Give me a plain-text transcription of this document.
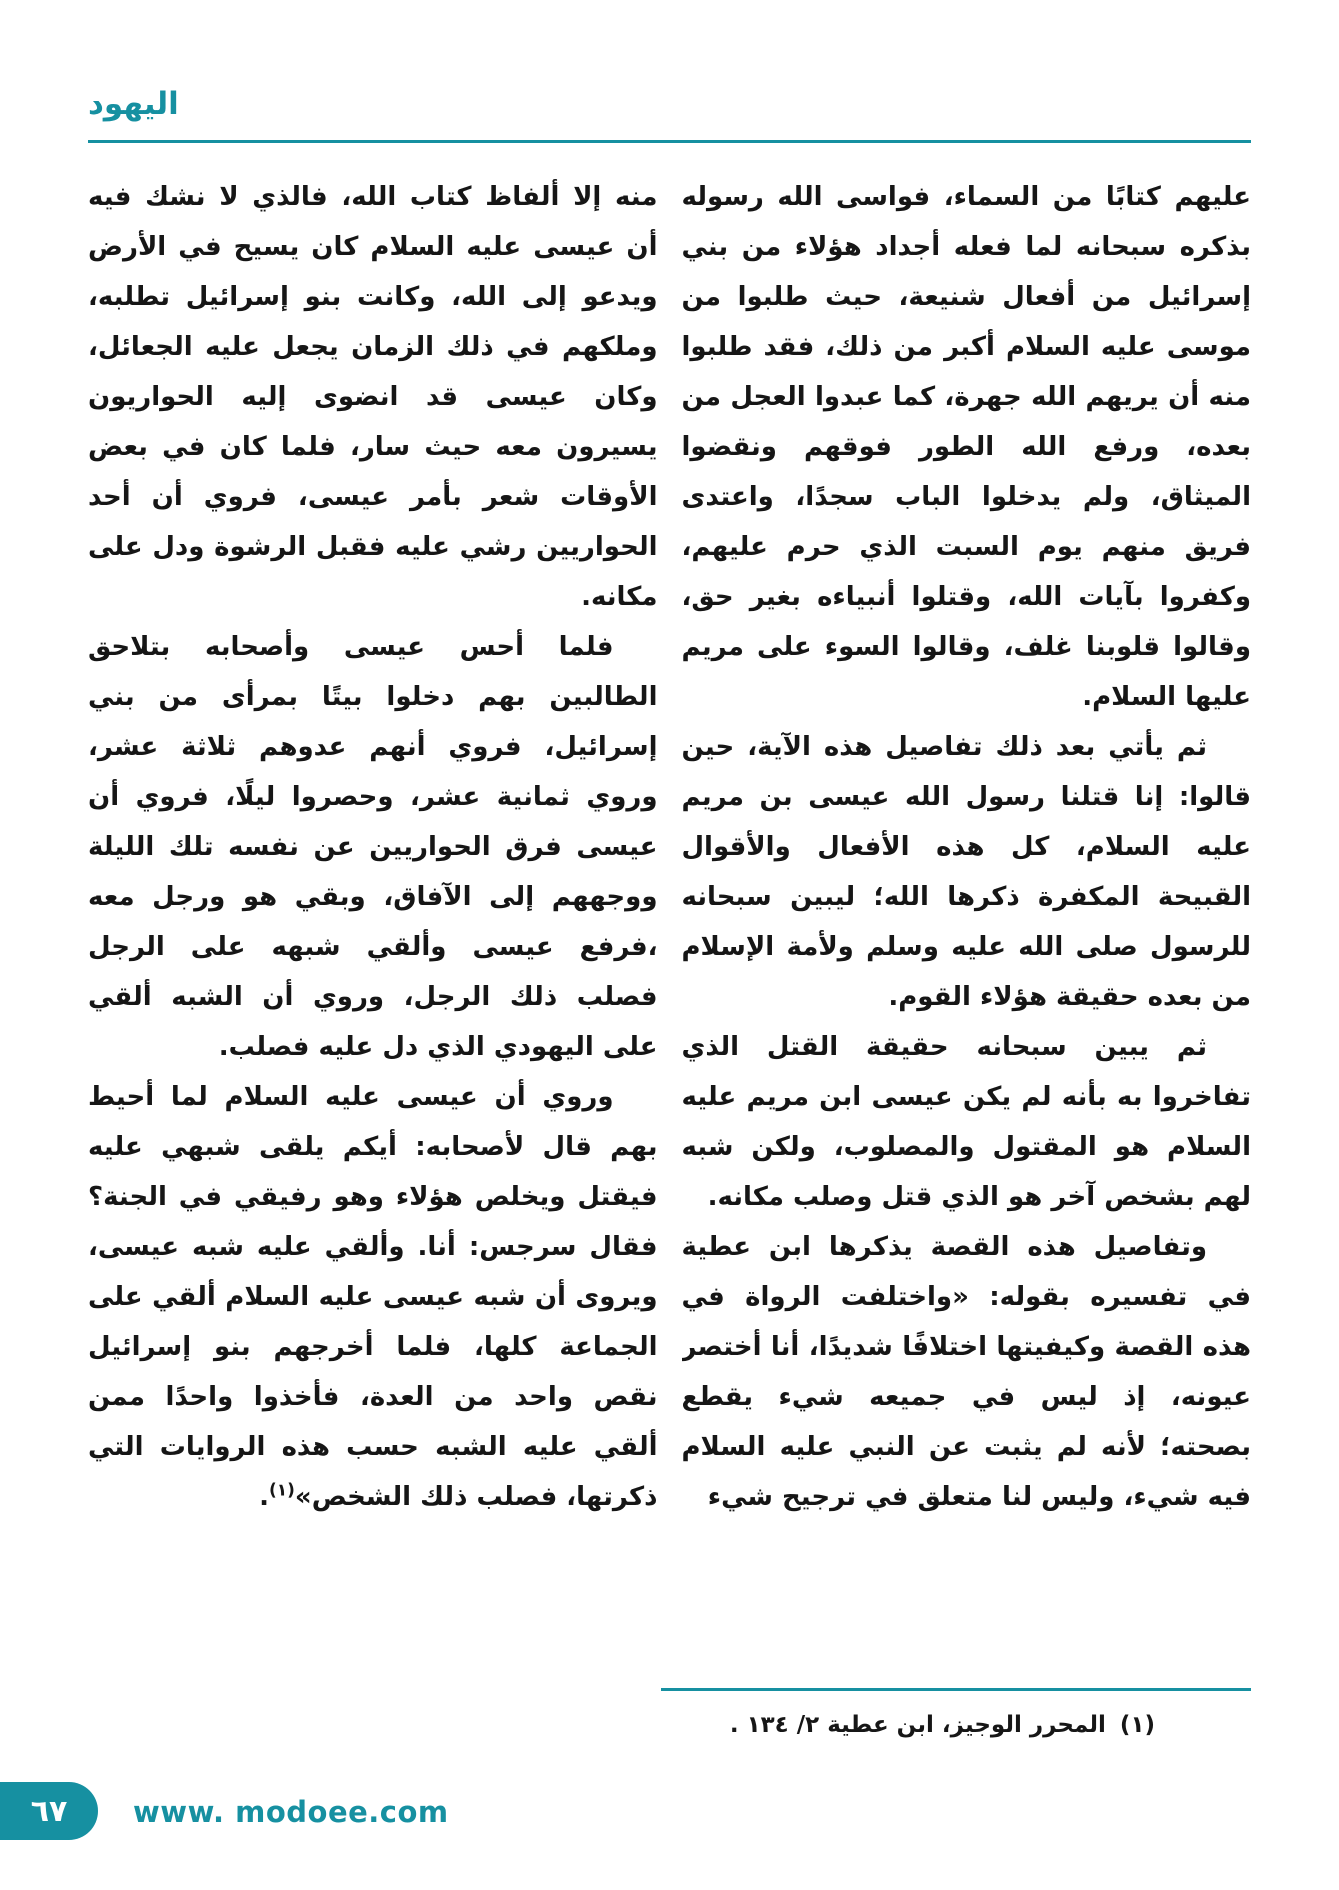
اليهود

عليهم كتابًا من السماء، فواسى الله رسوله بذكره سبحانه لما فعله أجداد هؤلاء من بني إسرائيل من أفعال شنيعة، حيث طلبوا من موسى عليه السلام أكبر من ذلك، فقد طلبوا منه أن يريهم الله جهرة، كما عبدوا العجل من بعده، ورفع الله الطور فوقهم ونقضوا الميثاق، ولم يدخلوا الباب سجدًا، واعتدى فريق منهم يوم السبت الذي حرم عليهم، وكفروا بآيات الله، وقتلوا أنبياءه بغير حق، وقالوا قلوبنا غلف، وقالوا السوء على مريم عليها السلام.

ثم يأتي بعد ذلك تفاصيل هذه الآية، حين قالوا: إنا قتلنا رسول الله عيسى بن مريم عليه السلام، كل هذه الأفعال والأقوال القبيحة المكفرة ذكرها الله؛ ليبين سبحانه للرسول صلى الله عليه وسلم ولأمة الإسلام من بعده حقيقة هؤلاء القوم.

ثم يبين سبحانه حقيقة القتل الذي تفاخروا به بأنه لم يكن عيسى ابن مريم عليه السلام هو المقتول والمصلوب، ولكن شبه لهم بشخص آخر هو الذي قتل وصلب مكانه.

وتفاصيل هذه القصة يذكرها ابن عطية في تفسيره بقوله: «واختلفت الرواة في هذه القصة وكيفيتها اختلافًا شديدًا، أنا أختصر عيونه، إذ ليس في جميعه شيء يقطع بصحته؛ لأنه لم يثبت عن النبي عليه السلام فيه شيء، وليس لنا متعلق في ترجيح شيء

منه إلا ألفاظ كتاب الله، فالذي لا نشك فيه أن عيسى عليه السلام كان يسيح في الأرض ويدعو إلى الله، وكانت بنو إسرائيل تطلبه، وملكهم في ذلك الزمان يجعل عليه الجعائل، وكان عيسى قد انضوى إليه الحواريون يسيرون معه حيث سار، فلما كان في بعض الأوقات شعر بأمر عيسى، فروي أن أحد الحواريين رشي عليه فقبل الرشوة ودل على مكانه.

فلما أحس عيسى وأصحابه بتلاحق الطالبين بهم دخلوا بيتًا بمرأى من بني إسرائيل، فروي أنهم عدوهم ثلاثة عشر، وروي ثمانية عشر، وحصروا ليلًا، فروي أن عيسى فرق الحواريين عن نفسه تلك الليلة ووجههم إلى الآفاق، وبقي هو ورجل معه ،فرفع عيسى وألقي شبهه على الرجل فصلب ذلك الرجل، وروي أن الشبه ألقي على اليهودي الذي دل عليه فصلب.

وروي أن عيسى عليه السلام لما أحيط بهم قال لأصحابه: أيكم يلقى شبهي عليه فيقتل ويخلص هؤلاء وهو رفيقي في الجنة؟ فقال سرجس: أنا. وألقي عليه شبه عيسى، ويروى أن شبه عيسى عليه السلام ألقي على الجماعة كلها، فلما أخرجهم بنو إسرائيل نقص واحد من العدة، فأخذوا واحدًا ممن ألقي عليه الشبه حسب هذه الروايات التي ذكرتها، فصلب ذلك الشخص»$^{(١)}$.

(١)المحرر الوجيز، ابن عطية ٢/ ١٣٤ .
٦٧ www. modoee.com
